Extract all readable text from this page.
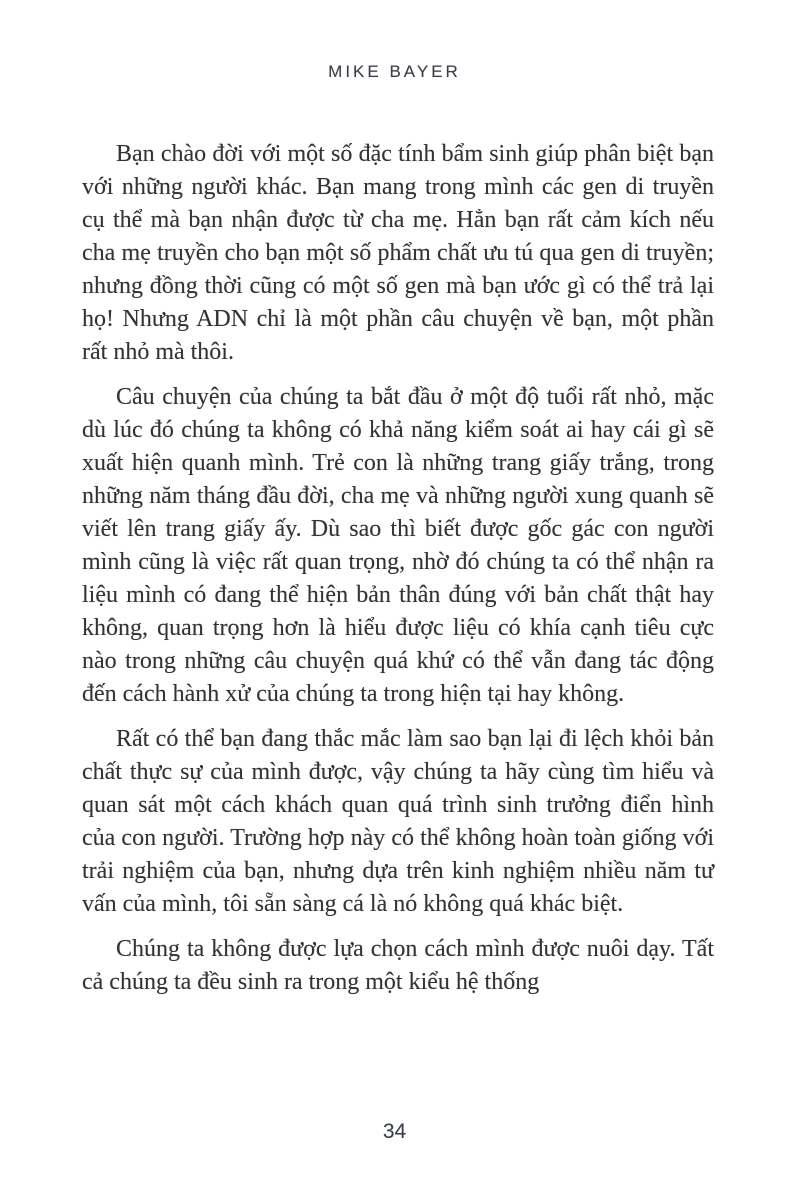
MIKE BAYER

Bạn chào đời với một số đặc tính bẩm sinh giúp phân biệt bạn với những người khác. Bạn mang trong mình các gen di truyền cụ thể mà bạn nhận được từ cha mẹ. Hẳn bạn rất cảm kích nếu cha mẹ truyền cho bạn một số phẩm chất ưu tú qua gen di truyền; nhưng đồng thời cũng có một số gen mà bạn ước gì có thể trả lại họ! Nhưng ADN chỉ là một phần câu chuyện về bạn, một phần rất nhỏ mà thôi.

Câu chuyện của chúng ta bắt đầu ở một độ tuổi rất nhỏ, mặc dù lúc đó chúng ta không có khả năng kiểm soát ai hay cái gì sẽ xuất hiện quanh mình. Trẻ con là những trang giấy trắng, trong những năm tháng đầu đời, cha mẹ và những người xung quanh sẽ viết lên trang giấy ấy. Dù sao thì biết được gốc gác con người mình cũng là việc rất quan trọng, nhờ đó chúng ta có thể nhận ra liệu mình có đang thể hiện bản thân đúng với bản chất thật hay không, quan trọng hơn là hiểu được liệu có khía cạnh tiêu cực nào trong những câu chuyện quá khứ có thể vẫn đang tác động đến cách hành xử của chúng ta trong hiện tại hay không.

Rất có thể bạn đang thắc mắc làm sao bạn lại đi lệch khỏi bản chất thực sự của mình được, vậy chúng ta hãy cùng tìm hiểu và quan sát một cách khách quan quá trình sinh trưởng điển hình của con người. Trường hợp này có thể không hoàn toàn giống với trải nghiệm của bạn, nhưng dựa trên kinh nghiệm nhiều năm tư vấn của mình, tôi sẵn sàng cá là nó không quá khác biệt.

Chúng ta không được lựa chọn cách mình được nuôi dạy. Tất cả chúng ta đều sinh ra trong một kiểu hệ thống

34
